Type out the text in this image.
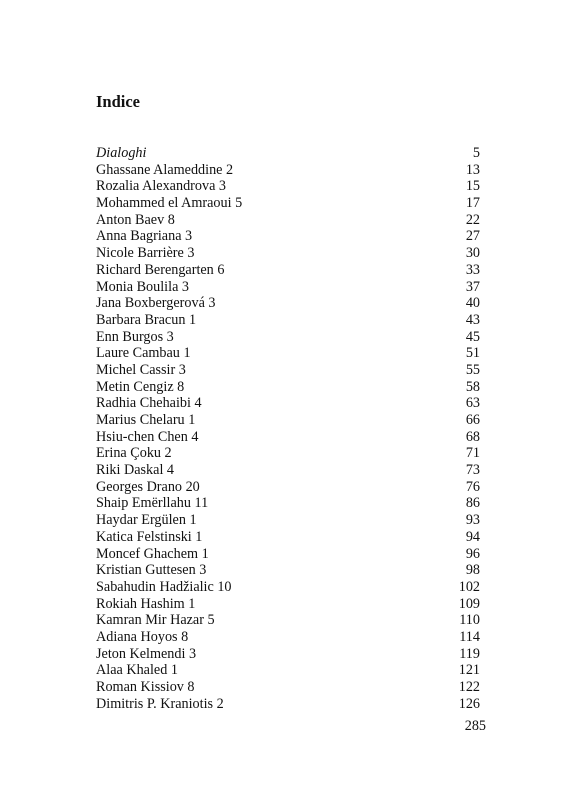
Indice
Dialoghi	5
Ghassane Alameddine 2	13
Rozalia Alexandrova 3	15
Mohammed el Amraoui 5	17
Anton Baev 8	22
Anna Bagriana 3	27
Nicole Barrière 3	30
Richard Berengarten 6	33
Monia Boulila 3	37
Jana Boxbergerová 3	40
Barbara Bracun 1	43
Enn Burgos 3	45
Laure Cambau 1	51
Michel Cassir 3	55
Metin Cengiz 8	58
Radhia Chehaibi 4	63
Marius Chelaru 1	66
Hsiu-chen Chen 4	68
Erina Çoku 2	71
Riki Daskal 4	73
Georges Drano 20	76
Shaip Emërllahu 11	86
Haydar Ergülen 1	93
Katica Felstinski 1	94
Moncef Ghachem 1	96
Kristian Guttesen 3	98
Sabahudin Hadžialic 10	102
Rokiah Hashim 1	109
Kamran Mir Hazar 5	110
Adiana Hoyos 8	114
Jeton Kelmendi 3	119
Alaa Khaled 1	121
Roman Kissiov 8	122
Dimitris P. Kraniotis 2	126
285
